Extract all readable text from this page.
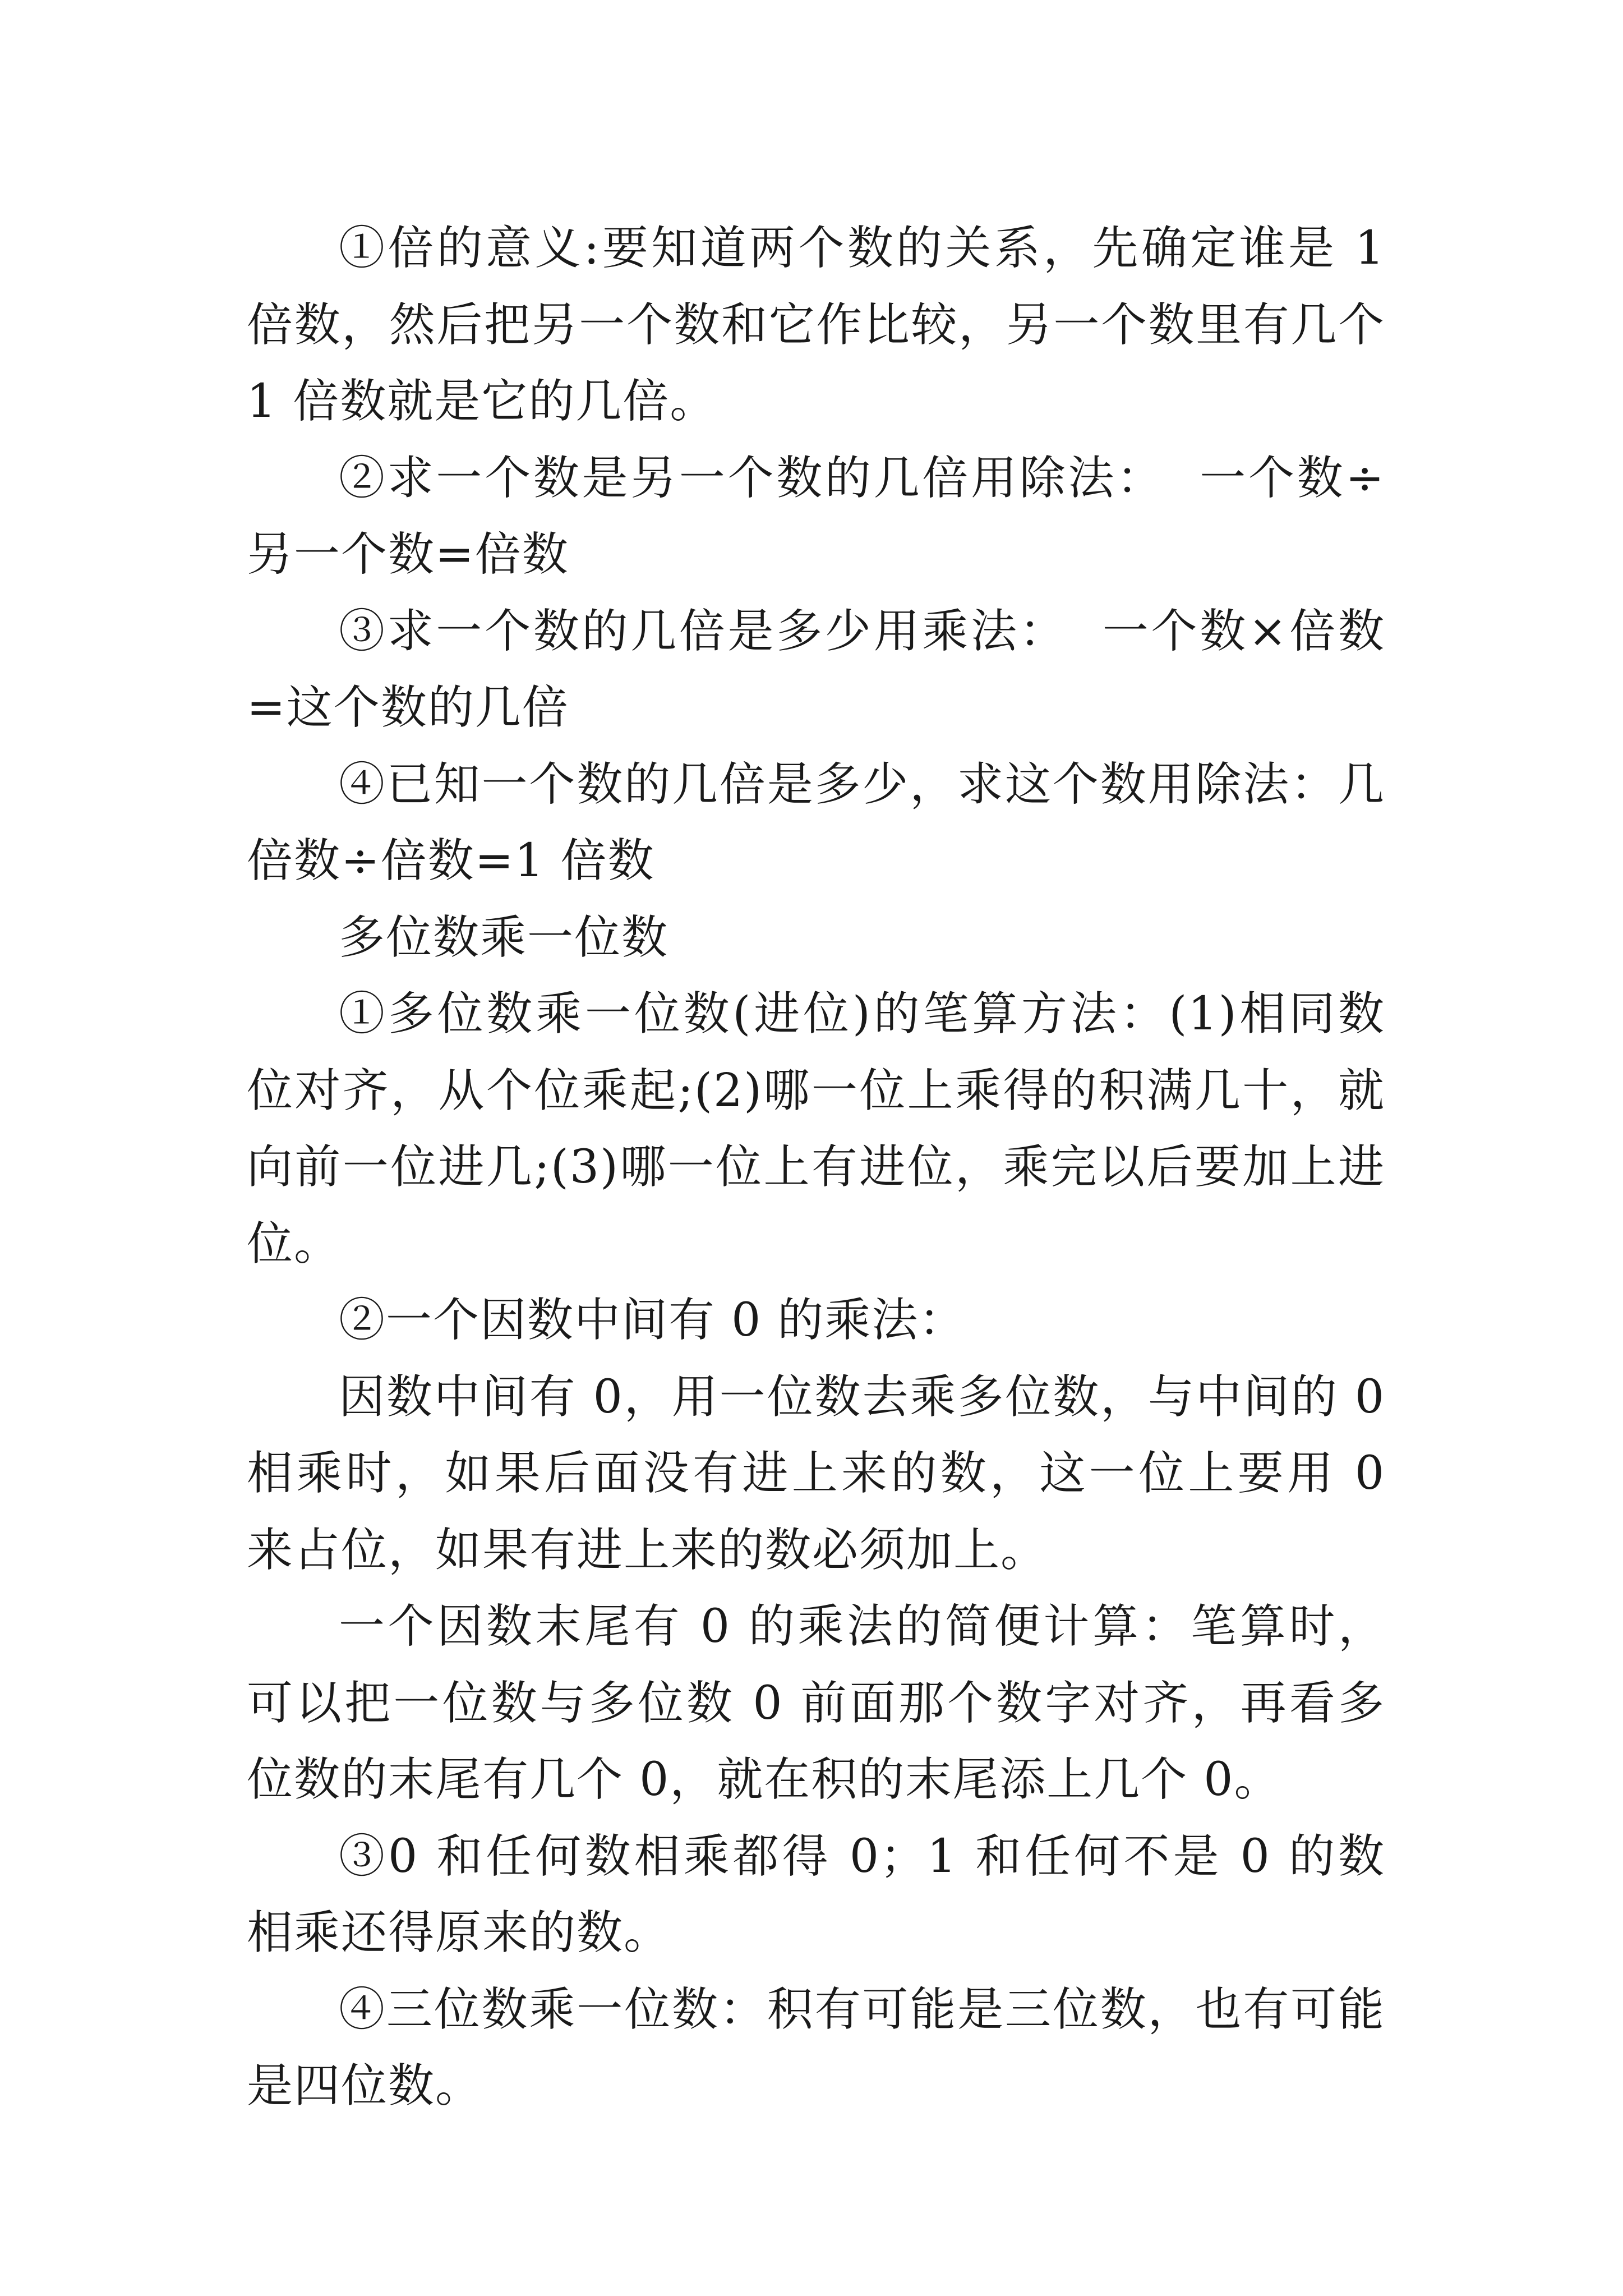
①倍的意义:要知道两个数的关系，先确定谁是 1 倍数，然后把另一个数和它作比较，另一个数里有几个 1 倍数就是它的几倍。

②求一个数是另一个数的几倍用除法：  一个数÷另一个数=倍数

③求一个数的几倍是多少用乘法：  一个数×倍数=这个数的几倍

④已知一个数的几倍是多少，求这个数用除法：几倍数÷倍数=1 倍数

多位数乘一位数

①多位数乘一位数(进位)的笔算方法：(1)相同数位对齐，从个位乘起;(2)哪一位上乘得的积满几十，就向前一位进几;(3)哪一位上有进位，乘完以后要加上进位。

②一个因数中间有 0 的乘法：

因数中间有 0，用一位数去乘多位数，与中间的 0 相乘时，如果后面没有进上来的数，这一位上要用 0 来占位，如果有进上来的数必须加上。

一个因数末尾有 0 的乘法的简便计算：笔算时，可以把一位数与多位数 0 前面那个数字对齐，再看多位数的末尾有几个 0，就在积的末尾添上几个 0。

③0 和任何数相乘都得 0；1 和任何不是 0 的数相乘还得原来的数。

④三位数乘一位数：积有可能是三位数，也有可能是四位数。
